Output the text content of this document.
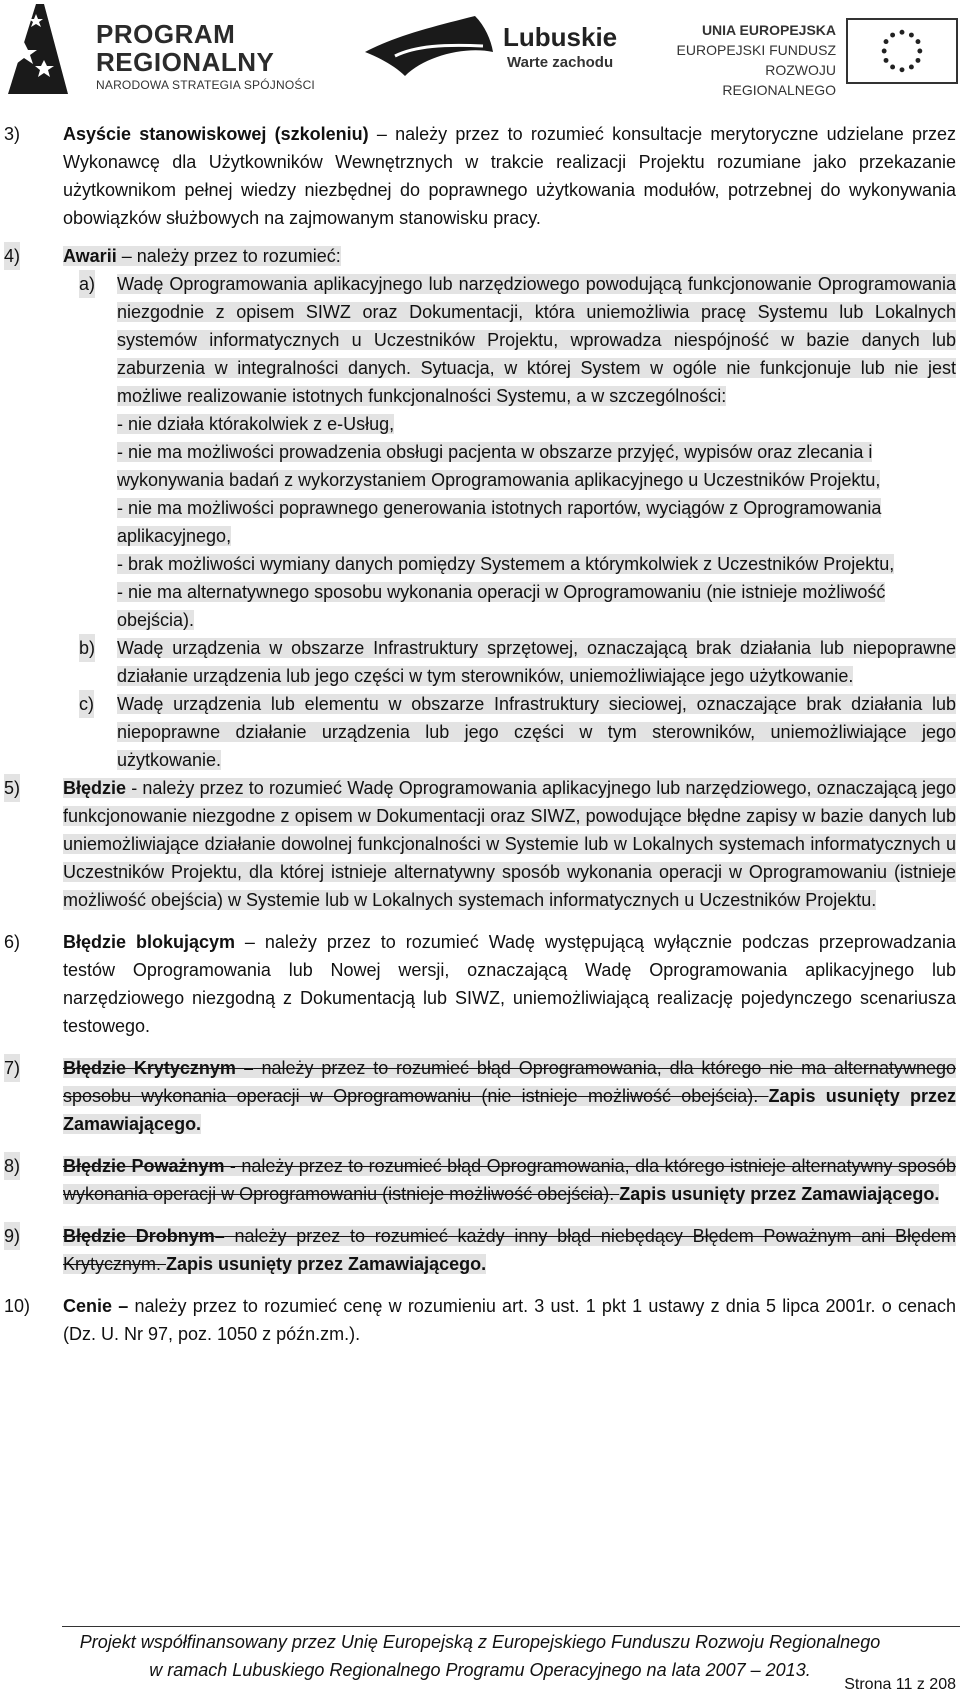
PROGRAM
REGIONALNY
NARODOWA STRATEGIA SPÓJNOŚCI
Lubuskie
Warte zachodu
UNIA EUROPEJSKA
EUROPEJSKI FUNDUSZ
ROZWOJU REGIONALNEGO
3) Asyście stanowiskowej (szkoleniu) – należy przez to rozumieć konsultacje merytoryczne udzielane przez Wykonawcę dla Użytkowników Wewnętrznych w trakcie realizacji Projektu rozumiane jako przekazanie użytkownikom pełnej wiedzy niezbędnej do poprawnego użytkowania modułów, potrzebnej do wykonywania obowiązków służbowych na zajmowanym stanowisku pracy.

4) Awarii – należy przez to rozumieć:

a) Wadę Oprogramowania aplikacyjnego lub narzędziowego powodującą funkcjonowanie Oprogramowania niezgodnie z opisem SIWZ oraz Dokumentacji, która uniemożliwia pracę Systemu lub Lokalnych systemów informatycznych u Uczestników Projektu, wprowadza niespójność w bazie danych lub zaburzenia w integralności danych. Sytuacja, w której System w ogóle nie funkcjonuje lub nie jest możliwe realizowanie istotnych funkcjonalności Systemu, a w szczególności:

- nie działa którakolwiek z e-Usług,

- nie ma możliwości prowadzenia obsługi pacjenta w obszarze przyjęć, wypisów oraz zlecania i wykonywania badań z wykorzystaniem Oprogramowania aplikacyjnego u Uczestników Projektu,

- nie ma możliwości poprawnego generowania istotnych raportów, wyciągów z Oprogramowania aplikacyjnego,

- brak możliwości wymiany danych pomiędzy Systemem a którymkolwiek z Uczestników Projektu,

- nie ma alternatywnego sposobu wykonania operacji w Oprogramowaniu (nie istnieje możliwość obejścia).

b) Wadę urządzenia w obszarze Infrastruktury sprzętowej, oznaczającą brak działania lub niepoprawne działanie urządzenia lub jego części w tym sterowników, uniemożliwiające jego użytkowanie.

c) Wadę urządzenia lub elementu w obszarze Infrastruktury sieciowej, oznaczające brak działania lub niepoprawne działanie urządzenia lub jego części w tym sterowników, uniemożliwiające jego użytkowanie.

5) Błędzie - należy przez to rozumieć Wadę Oprogramowania aplikacyjnego lub narzędziowego, oznaczającą jego funkcjonowanie niezgodne z opisem w Dokumentacji oraz SIWZ, powodujące błędne zapisy w bazie danych lub uniemożliwiające działanie dowolnej funkcjonalności w Systemie lub w Lokalnych systemach informatycznych u Uczestników Projektu, dla której istnieje alternatywny sposób wykonania operacji w Oprogramowaniu (istnieje możliwość obejścia) w Systemie lub w Lokalnych systemach informatycznych u Uczestników Projektu.

6) Błędzie blokującym – należy przez to rozumieć Wadę występującą wyłącznie podczas przeprowadzania testów Oprogramowania lub Nowej wersji, oznaczającą Wadę Oprogramowania aplikacyjnego lub narzędziowego niezgodną z Dokumentacją lub SIWZ, uniemożliwiającą realizację pojedynczego scenariusza testowego.

7) Błędzie Krytycznym – należy przez to rozumieć błąd Oprogramowania, dla którego nie ma alternatywnego sposobu wykonania operacji w Oprogramowaniu (nie istnieje możliwość obejścia). Zapis usunięty przez Zamawiającego.

8) Błędzie Poważnym - należy przez to rozumieć błąd Oprogramowania, dla którego istnieje alternatywny sposób wykonania operacji w Oprogramowaniu (istnieje możliwość obejścia). Zapis usunięty przez Zamawiającego.

9) Błędzie Drobnym– należy przez to rozumieć każdy inny błąd niebędący Błędem Poważnym ani Błędem Krytycznym. Zapis usunięty przez Zamawiającego.

10) Cenie – należy przez to rozumieć cenę w rozumieniu art. 3 ust. 1 pkt 1 ustawy z dnia 5 lipca 2001r. o cenach (Dz. U. Nr 97, poz. 1050 z późn.zm.).

Projekt współfinansowany przez Unię Europejską z Europejskiego Funduszu Rozwoju Regionalnego
w ramach Lubuskiego Regionalnego Programu Operacyjnego na lata 2007 – 2013.
Strona 11 z 208
